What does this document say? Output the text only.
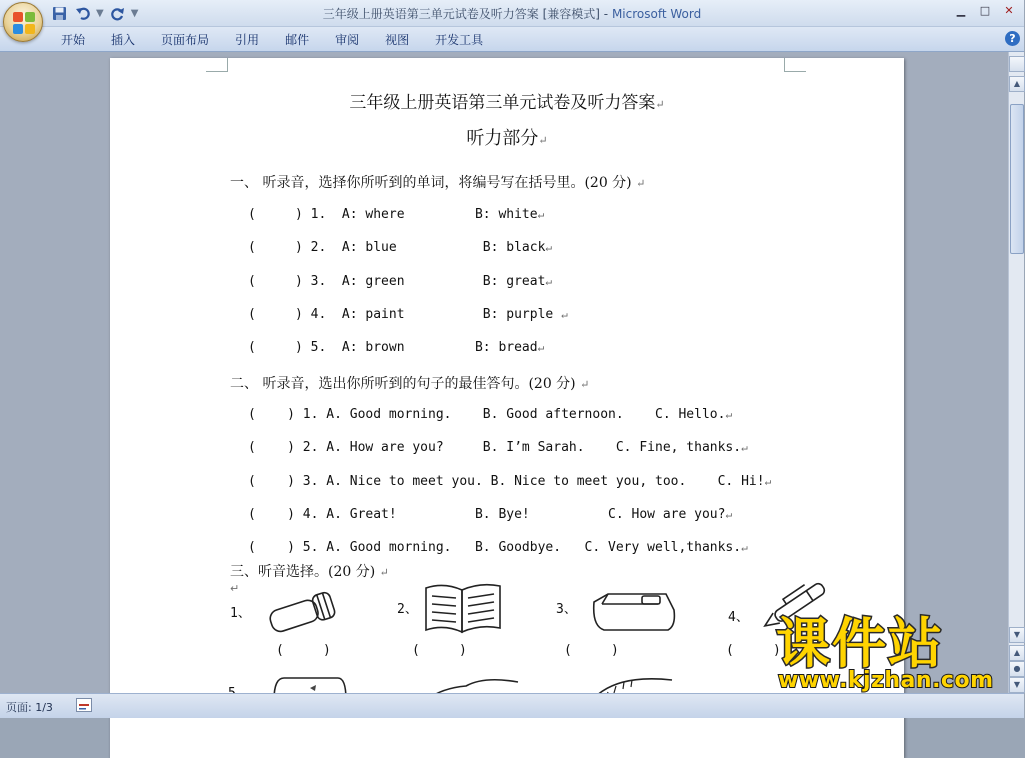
▼	▼	三年级上册英语第三单元试卷及听力答案 [兼容模式] - Microsoft Word	▁	□	✕
开始	插入	页面布局	引用	邮件	审阅	视图	开发工具	?
三年级上册英语第三单元试卷及听力答案↵
听力部分↵
一、 听录音，选择你所听到的单词，将编号写在括号里。(20 分) ↵
(     ) 1.  A: where         B: white↵
(     ) 2.  A: blue           B: black↵
(     ) 3.  A: green          B: great↵
(     ) 4.  A: paint          B: purple ↵
(     ) 5.  A: brown         B: bread↵
二、 听录音，选出你所听到的句子的最佳答句。(20 分) ↵
(    ) 1. A. Good morning.    B. Good afternoon.    C. Hello.↵
(    ) 2. A. How are you?     B. I’m Sarah.    C. Fine, thanks.↵
(    ) 3. A. Nice to meet you. B. Nice to meet you, too.    C. Hi!↵
(    ) 4. A. Great!          B. Bye!          C. How are you?↵
(    ) 5. A. Good morning.   B. Goodbye.   C. Very well,thanks.↵
三、听音选择。(20 分) ↵
↵
1、
(     )
2、
(     )
3、
(     )
4、
(     )
▲
▼
▲
●
▼
页面: 1/3
课件站
www.kjzhan.com
